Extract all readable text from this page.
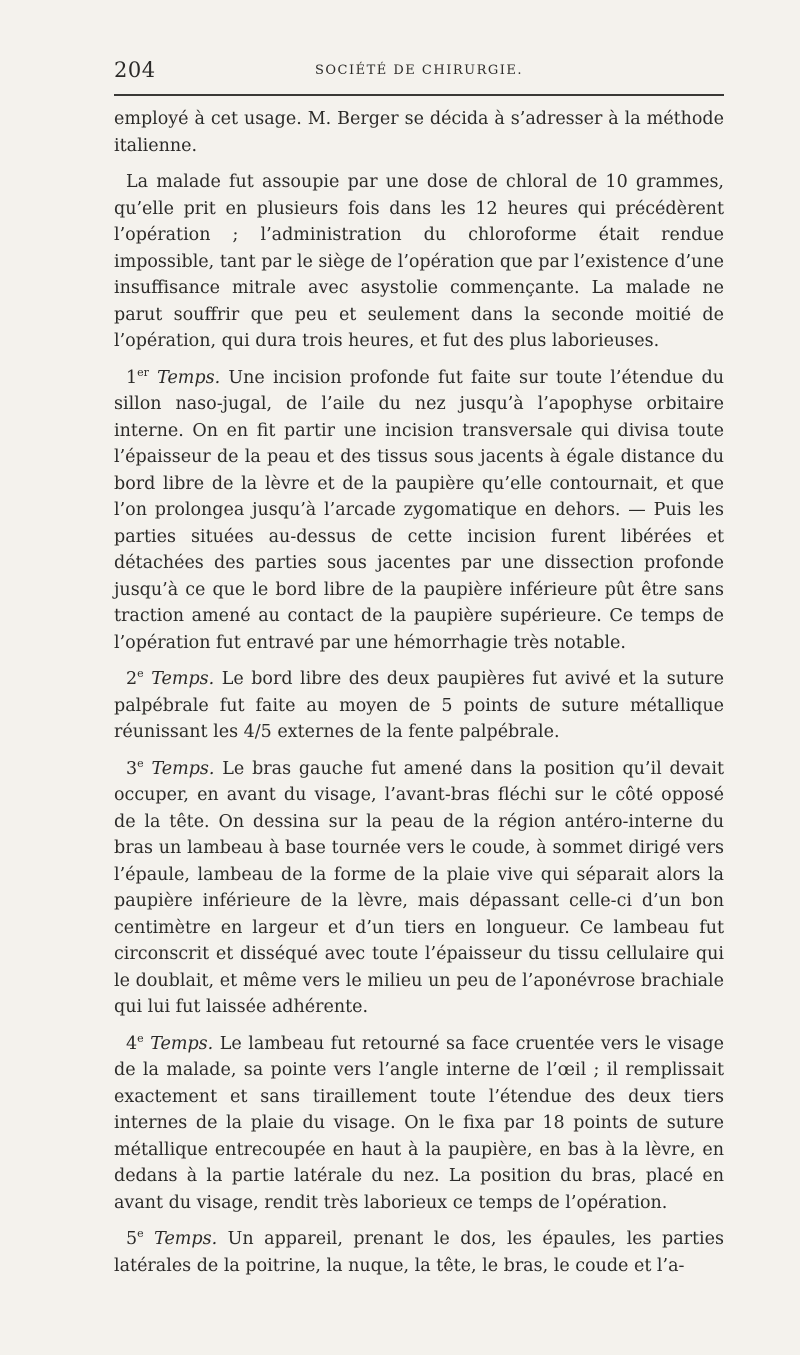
204	SOCIÉTÉ DE CHIRURGIE.

employé à cet usage. M. Berger se décida à s’adresser à la méthode italienne.

La malade fut assoupie par une dose de chloral de 10 grammes, qu’elle prit en plusieurs fois dans les 12 heures qui précédèrent l’opération ; l’administration du chloroforme était rendue impossible, tant par le siège de l’opération que par l’existence d’une insuffisance mitrale avec asystolie commençante. La malade ne parut souffrir que peu et seulement dans la seconde moitié de l’opération, qui dura trois heures, et fut des plus laborieuses.

1er Temps. Une incision profonde fut faite sur toute l’étendue du sillon naso-jugal, de l’aile du nez jusqu’à l’apophyse orbitaire interne. On en fit partir une incision transversale qui divisa toute l’épaisseur de la peau et des tissus sous jacents à égale distance du bord libre de la lèvre et de la paupière qu’elle contournait, et que l’on prolongea jusqu’à l’arcade zygomatique en dehors. — Puis les parties situées au-dessus de cette incision furent libérées et détachées des parties sous jacentes par une dissection profonde jusqu’à ce que le bord libre de la paupière inférieure pût être sans traction amené au contact de la paupière supérieure. Ce temps de l’opération fut entravé par une hémorrhagie très notable.

2e Temps. Le bord libre des deux paupières fut avivé et la suture palpébrale fut faite au moyen de 5 points de suture métallique réunissant les 4/5 externes de la fente palpébrale.

3e Temps. Le bras gauche fut amené dans la position qu’il devait occuper, en avant du visage, l’avant-bras fléchi sur le côté opposé de la tête. On dessina sur la peau de la région antéro-interne du bras un lambeau à base tournée vers le coude, à sommet dirigé vers l’épaule, lambeau de la forme de la plaie vive qui séparait alors la paupière inférieure de la lèvre, mais dépassant celle-ci d’un bon centimètre en largeur et d’un tiers en longueur. Ce lambeau fut circonscrit et disséqué avec toute l’épaisseur du tissu cellulaire qui le doublait, et même vers le milieu un peu de l’aponévrose brachiale qui lui fut laissée adhérente.

4e Temps. Le lambeau fut retourné sa face cruentée vers le visage de la malade, sa pointe vers l’angle interne de l’œil ; il remplissait exactement et sans tiraillement toute l’étendue des deux tiers internes de la plaie du visage. On le fixa par 18 points de suture métallique entrecoupée en haut à la paupière, en bas à la lèvre, en dedans à la partie latérale du nez. La position du bras, placé en avant du visage, rendit très laborieux ce temps de l’opération.

5e Temps. Un appareil, prenant le dos, les épaules, les parties latérales de la poitrine, la nuque, la tête, le bras, le coude et l’a-
